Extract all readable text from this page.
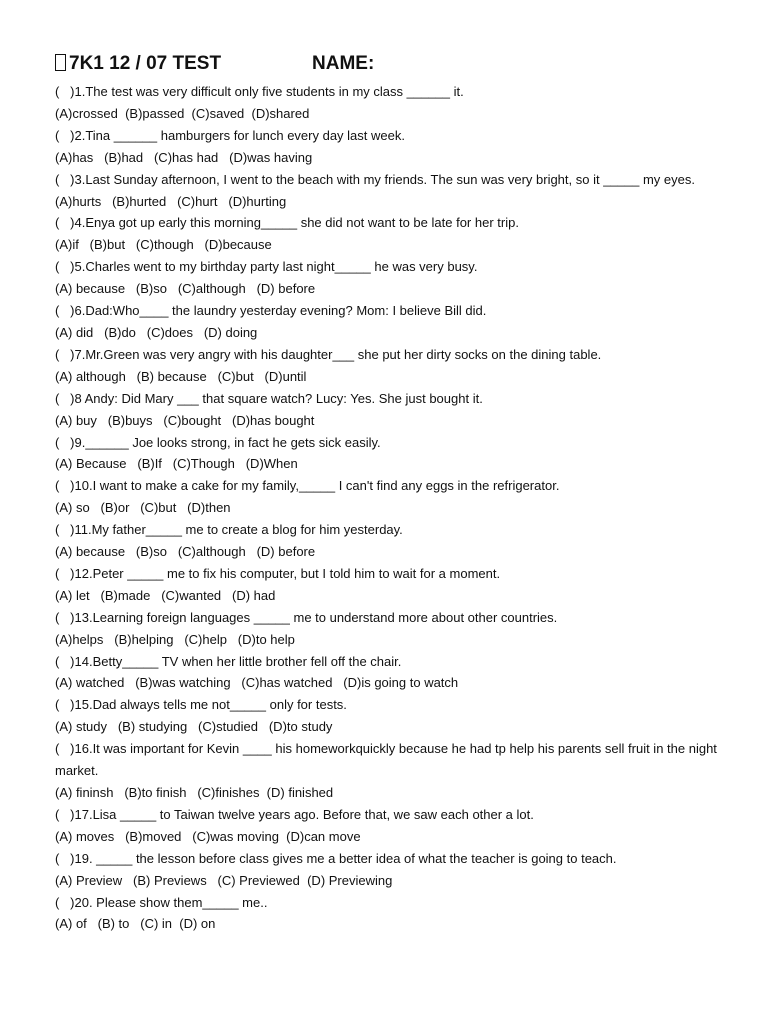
7K1 12 / 07 TEST	NAME:
(   )1.The test was very difficult only five students in my class ______ it.
(A)crossed  (B)passed  (C)saved  (D)shared
(   )2.Tina ______ hamburgers for lunch every day last week.
(A)has   (B)had   (C)has had   (D)was having
(   )3.Last Sunday afternoon, I went to the beach with my friends. The sun was very bright, so it _____ my eyes.
(A)hurts   (B)hurted   (C)hurt   (D)hurting
(   )4.Enya got up early this morning_____ she did not want to be late for her trip.
(A)if   (B)but   (C)though   (D)because
(   )5.Charles went to my birthday party last night_____ he was very busy.
(A) because   (B)so   (C)although   (D) before
(   )6.Dad:Who____ the laundry yesterday evening? Mom: I believe Bill did.
(A) did   (B)do   (C)does   (D) doing
(   )7.Mr.Green was very angry with his daughter___ she put her dirty socks on the dining table.
(A) although   (B) because   (C)but   (D)until
(   )8 Andy: Did Mary ___ that square watch? Lucy: Yes. She just bought it.
(A) buy   (B)buys   (C)bought   (D)has bought
(   )9.______ Joe looks strong, in fact he gets sick easily.
(A) Because   (B)If   (C)Though   (D)When
(   )10.I want to make a cake for my family,_____ I can't find any eggs in the refrigerator.
(A) so   (B)or   (C)but   (D)then
(   )11.My father_____ me to create a blog for him yesterday.
(A) because   (B)so   (C)although   (D) before
(   )12.Peter _____ me to fix his computer, but I told him to wait for a moment.
(A) let   (B)made   (C)wanted   (D) had
(   )13.Learning foreign languages _____ me to understand more about other countries.
(A)helps   (B)helping   (C)help   (D)to help
(   )14.Betty_____ TV when her little brother fell off the chair.
(A) watched   (B)was watching   (C)has watched   (D)is going to watch
(   )15.Dad always tells me not_____ only for tests.
(A) study   (B) studying   (C)studied   (D)to study
(   )16.It was important for Kevin ____ his homeworkquickly because he had tp help his parents sell fruit in the night market.
(A) fininsh   (B)to finish   (C)finishes  (D) finished
(   )17.Lisa _____ to Taiwan twelve years ago. Before that, we saw each other a lot.
(A) moves   (B)moved   (C)was moving  (D)can move
(   )19. _____ the lesson before class gives me a better idea of what the teacher is going to teach.
(A) Preview   (B) Previews   (C) Previewed  (D) Previewing
(   )20. Please show them_____ me..
(A) of   (B) to   (C) in  (D) on
